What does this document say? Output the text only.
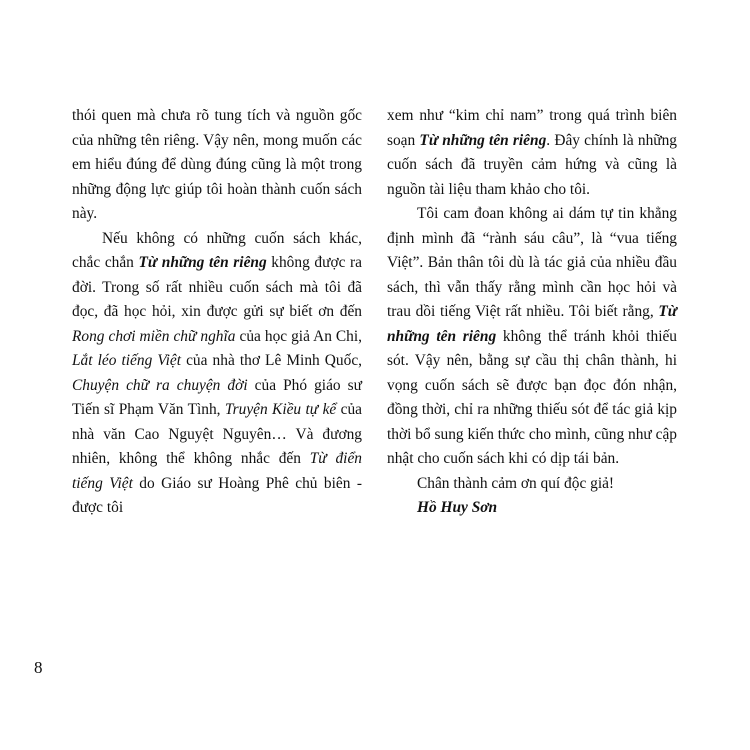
thói quen mà chưa rõ tung tích và nguồn gốc của những tên riêng. Vậy nên, mong muốn các em hiểu đúng để dùng đúng cũng là một trong những động lực giúp tôi hoàn thành cuốn sách này.

Nếu không có những cuốn sách khác, chắc chắn Từ những tên riêng không được ra đời. Trong số rất nhiều cuốn sách mà tôi đã đọc, đã học hỏi, xin được gửi sự biết ơn đến Rong chơi miền chữ nghĩa của học giả An Chi, Lắt léo tiếng Việt của nhà thơ Lê Minh Quốc, Chuyện chữ ra chuyện đời của Phó giáo sư Tiến sĩ Phạm Văn Tình, Truyện Kiều tự kể của nhà văn Cao Nguyệt Nguyên… Và đương nhiên, không thể không nhắc đến Từ điển tiếng Việt do Giáo sư Hoàng Phê chủ biên - được tôi

xem như “kim chỉ nam” trong quá trình biên soạn Từ những tên riêng. Đây chính là những cuốn sách đã truyền cảm hứng và cũng là nguồn tài liệu tham khảo cho tôi.

Tôi cam đoan không ai dám tự tin khẳng định mình đã “rành sáu câu”, là “vua tiếng Việt”. Bản thân tôi dù là tác giả của nhiều đầu sách, thì vẫn thấy rằng mình cần học hỏi và trau dồi tiếng Việt rất nhiều. Tôi biết rằng, Từ những tên riêng không thể tránh khỏi thiếu sót. Vậy nên, bằng sự cầu thị chân thành, hi vọng cuốn sách sẽ được bạn đọc đón nhận, đồng thời, chỉ ra những thiếu sót để tác giả kịp thời bổ sung kiến thức cho mình, cũng như cập nhật cho cuốn sách khi có dịp tái bản.

Chân thành cảm ơn quí độc giả!

Hồ Huy Sơn

8
